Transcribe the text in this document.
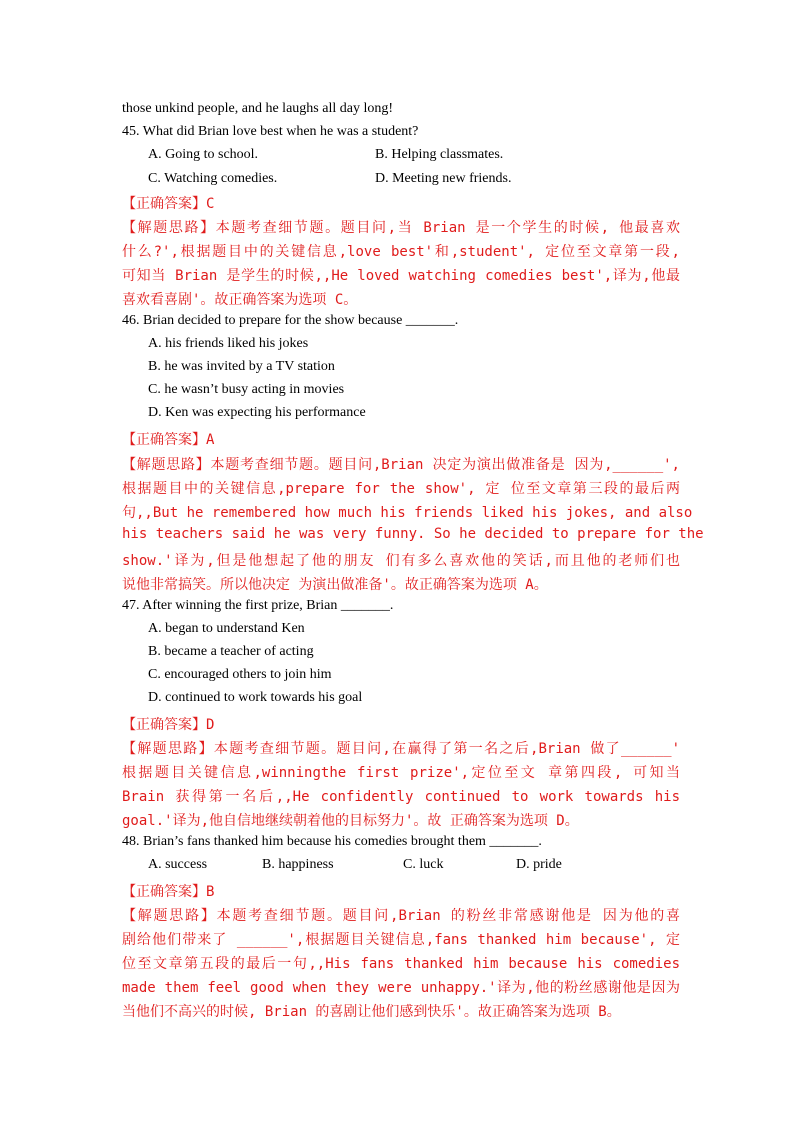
those unkind people, and he laughs all day long!
45. What did Brian love best when he was a student?
A. Going to school.	B. Helping classmates.
C. Watching comedies.	D. Meeting new friends.
【正确答案】C
【解题思路】本题考查细节题。题目问,当 Brian 是一个学生的时候, 他最喜欢
什么?',根据题目中的关键信息,love best'和,student', 定位至文章第一段,
可知当 Brian 是学生的时候,,He loved watching comedies best',译为,他最
喜欢看喜剧'。故正确答案为选项 C。
46. Brian decided to prepare for the show because _______.
A. his friends liked his jokes
B. he was invited by a TV station
C. he wasn’t busy acting in movies
D. Ken was expecting his performance
【正确答案】A
【解题思路】本题考查细节题。题目问,Brian 决定为演出做准备是 因为,______',
根据题目中的关键信息,prepare for the show', 定 位至文章第三段的最后两
句,,But he remembered how much his friends liked his jokes, and also
his teachers said he was very funny. So he decided to prepare for the
show.'译为,但是他想起了他的朋友 们有多么喜欢他的笑话,而且他的老师们也
说他非常搞笑。所以他决定 为演出做准备'。故正确答案为选项 A。
47. After winning the first prize, Brian _______.
A. began to understand Ken
B. became a teacher of acting
C. encouraged others to join him
D. continued to work towards his goal
【正确答案】D
【解题思路】本题考查细节题。题目问,在赢得了第一名之后,Brian 做了______'
根据题目关键信息,winningthe first prize',定位至文 章第四段, 可知当
Brain 获得第一名后,,He confidently continued to work towards his
goal.'译为,他自信地继续朝着他的目标努力'。故 正确答案为选项 D。
48. Brian’s fans thanked him because his comedies brought them _______.
A. success	B. happiness	C. luck	D. pride
【正确答案】B
【解题思路】本题考查细节题。题目问,Brian 的粉丝非常感谢他是 因为他的喜
剧给他们带来了 ______',根据题目关键信息,fans thanked him because', 定
位至文章第五段的最后一句,,His fans thanked him because his comedies
made them feel good when they were unhappy.'译为,他的粉丝感谢他是因为
当他们不高兴的时候, Brian 的喜剧让他们感到快乐'。故正确答案为选项 B。
